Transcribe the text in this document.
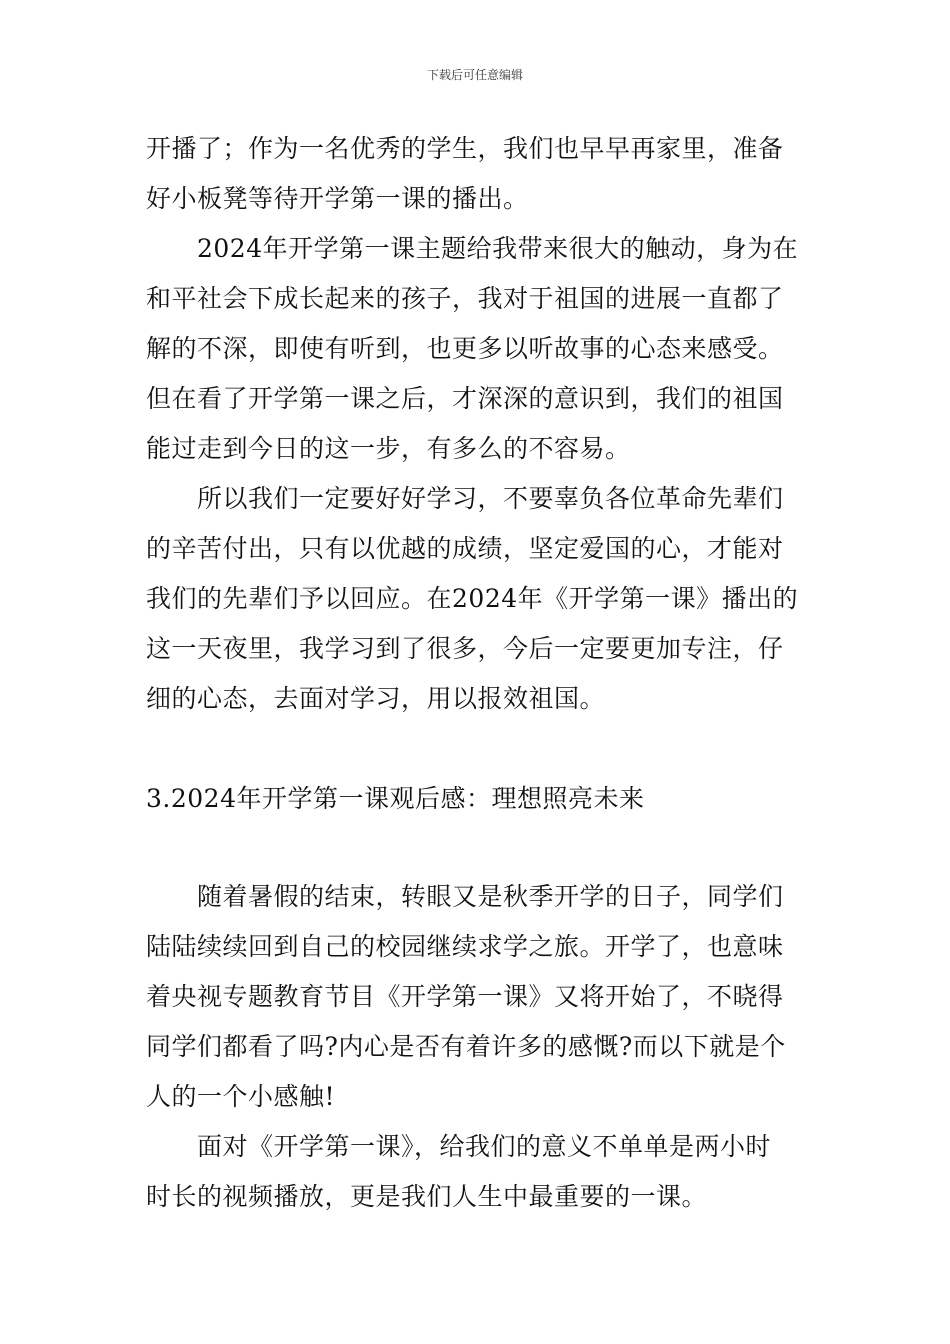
下载后可任意编辑
开播了；作为一名优秀的学生，我们也早早再家里，准备
好小板凳等待开学第一课的播出。
　　2024年开学第一课主题给我带来很大的触动，身为在
和平社会下成长起来的孩子，我对于祖国的进展一直都了
解的不深，即使有听到，也更多以听故事的心态来感受。
但在看了开学第一课之后，才深深的意识到，我们的祖国
能过走到今日的这一步，有多么的不容易。
　　所以我们一定要好好学习，不要辜负各位革命先辈们
的辛苦付出，只有以优越的成绩，坚定爱国的心，才能对
我们的先辈们予以回应。在2024年《开学第一课》播出的
这一天夜里，我学习到了很多，今后一定要更加专注，仔
细的心态，去面对学习，用以报效祖国。
3.2024年开学第一课观后感：理想照亮未来
　　随着暑假的结束，转眼又是秋季开学的日子，同学们
陆陆续续回到自己的校园继续求学之旅。开学了，也意味
着央视专题教育节目《开学第一课》又将开始了，不晓得
同学们都看了吗?内心是否有着许多的感慨?而以下就是个
人的一个小感触!
　　面对《开学第一课》，给我们的意义不单单是两小时
时长的视频播放，更是我们人生中最重要的一课。
